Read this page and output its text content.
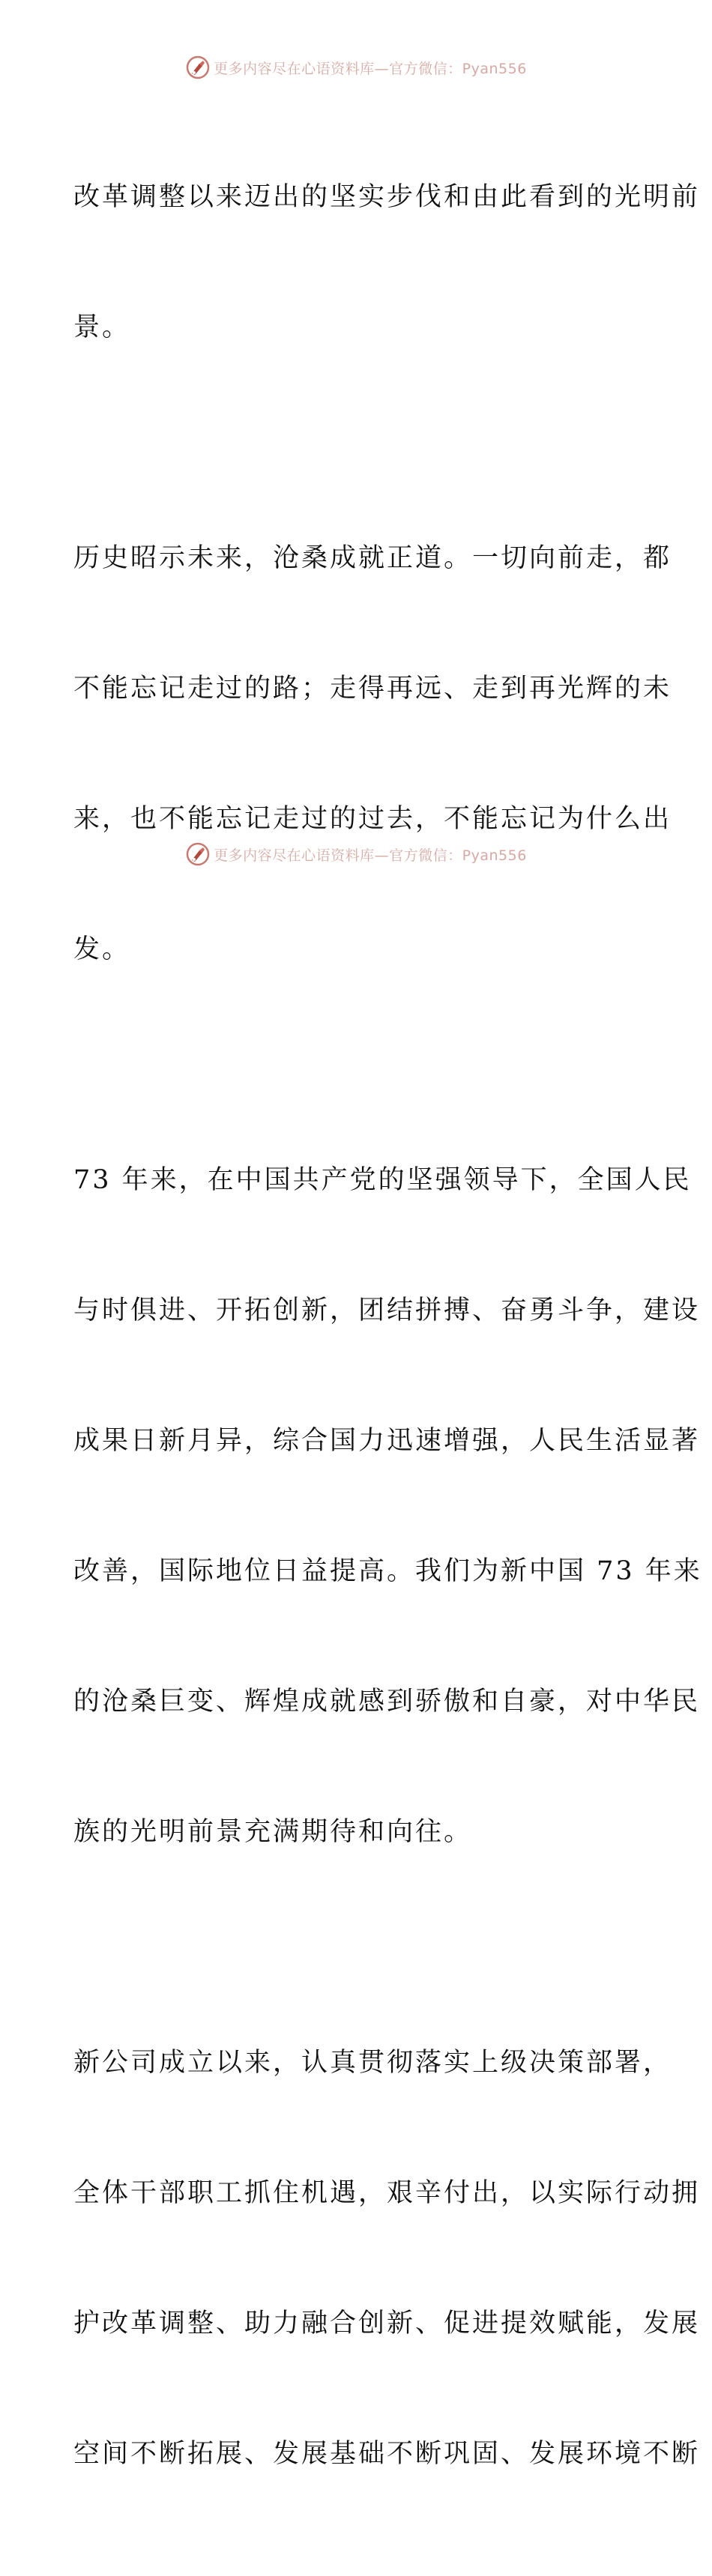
更多内容尽在心语资料库—官方微信：Pyan556

改革调整以来迈出的坚实步伐和由此看到的光明前

景。

历史昭示未来，沧桑成就正道。一切向前走，都

不能忘记走过的路；走得再远、走到再光辉的未

来，也不能忘记走过的过去，不能忘记为什么出

发。

73 年来，在中国共产党的坚强领导下，全国人民

与时俱进、开拓创新，团结拼搏、奋勇斗争，建设

成果日新月异，综合国力迅速增强，人民生活显著

改善，国际地位日益提高。我们为新中国 73 年来

的沧桑巨变、辉煌成就感到骄傲和自豪，对中华民

族的光明前景充满期待和向往。

新公司成立以来，认真贯彻落实上级决策部署，

全体干部职工抓住机遇，艰辛付出，以实际行动拥

护改革调整、助力融合创新、促进提效赋能，发展

空间不断拓展、发展基础不断巩固、发展环境不断

更多内容尽在心语资料库—官方微信：Pyan556
